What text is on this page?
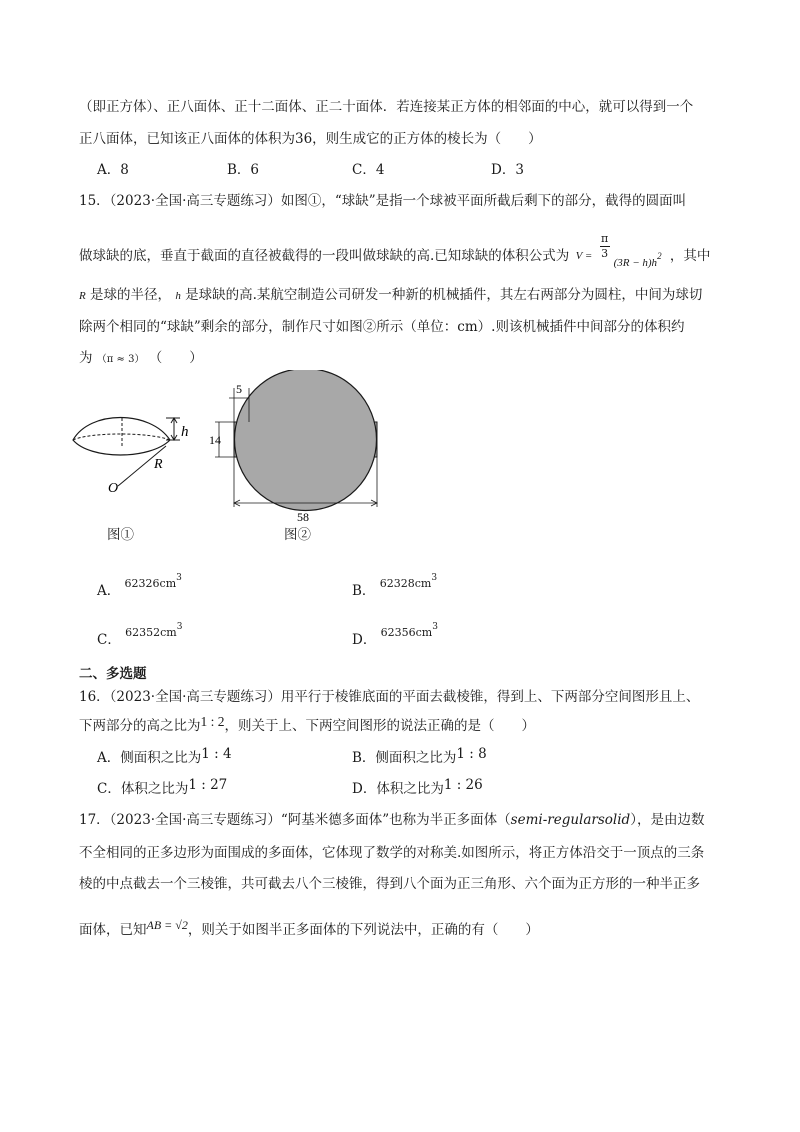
（即正方体）、正八面体、正十二面体、正二十面体．若连接某正方体的相邻面的中心，就可以得到一个
正八面体，已知该正八面体的体积为36，则生成它的正方体的棱长为（　　）
A．8	B．6	C．4	D．3
15．（2023·全国·高三专题练习）如图①，“球缺”是指一个球被平面所截后剩下的部分，截得的圆面叫
做球缺的底，垂直于截面的直径被截得的一段叫做球缺的高.已知球缺的体积公式为 V =
π
3
$(3R - h)h^2$ ，其中
R 是球的半径， h 是球缺的高.某航空制造公司研发一种新的机械插件，其左右两部分为圆柱，中间为球切
除两个相同的“球缺”剩余的部分，制作尺寸如图②所示（单位：cm）.则该机械插件中间部分的体积约
为 （π ≈ 3） （　　）
h
R
O
5
14
58
图①	图②
A． $62326cm^3$
B． $62328cm^3$
C． $62352cm^3$
D． $62356cm^3$
二、多选题
16．（2023·全国·高三专题练习）用平行于棱锥底面的平面去截棱锥，得到上、下两部分空间图形且上、
下两部分的高之比为1 : 2，则关于上、下两空间图形的说法正确的是（　　）
A．侧面积之比为1 : 4	B．侧面积之比为1 : 8
C．体积之比为1 : 27	D．体积之比为1 : 26
17．（2023·全国·高三专题练习）“阿基米德多面体”也称为半正多面体（semi-regularsolid），是由边数
不全相同的正多边形为面围成的多面体，它体现了数学的对称美.如图所示，将正方体沿交于一顶点的三条
棱的中点截去一个三棱锥，共可截去八个三棱锥，得到八个面为正三角形、六个面为正方形的一种半正多
面体，已知AB = √2，则关于如图半正多面体的下列说法中，正确的有（　　）
